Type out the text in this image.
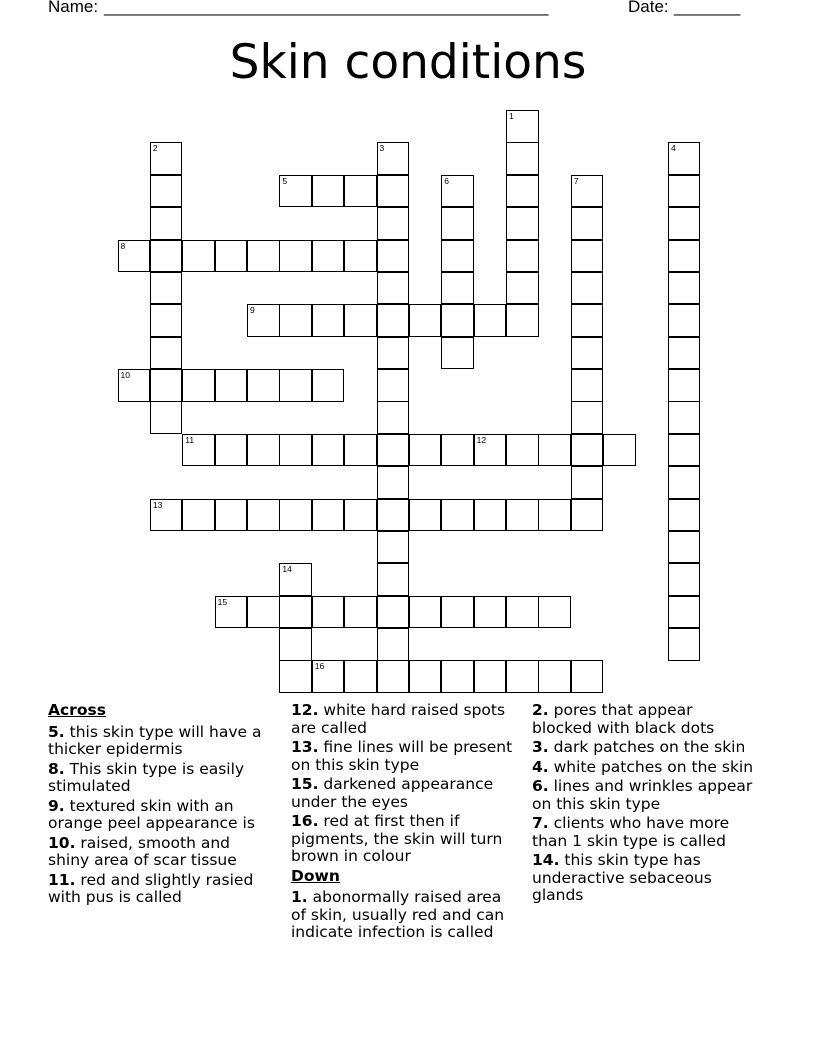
Name: _______________________________________________	Date: _______
Skin conditions
5
8
9
10
11	12
13
15
16
1
2	3	4
6	7
14
Across
5. this skin type will have a thicker epidermis
8. This skin type is easily stimulated
9. textured skin with an orange peel appearance is
10. raised, smooth and shiny area of scar tissue
11. red and slightly rasied with pus is called
12. white hard raised spots are called
13. fine lines will be present on this skin type
15. darkened appearance under the eyes
16. red at first then if pigments, the skin will turn brown in colour
Down
1. abonormally raised area of skin, usually red and can indicate infection is called
2. pores that appear blocked with black dots
3. dark patches on the skin
4. white patches on the skin
6. lines and wrinkles appear on this skin type
7. clients who have more than 1 skin type is called
14. this skin type has underactive sebaceous glands
